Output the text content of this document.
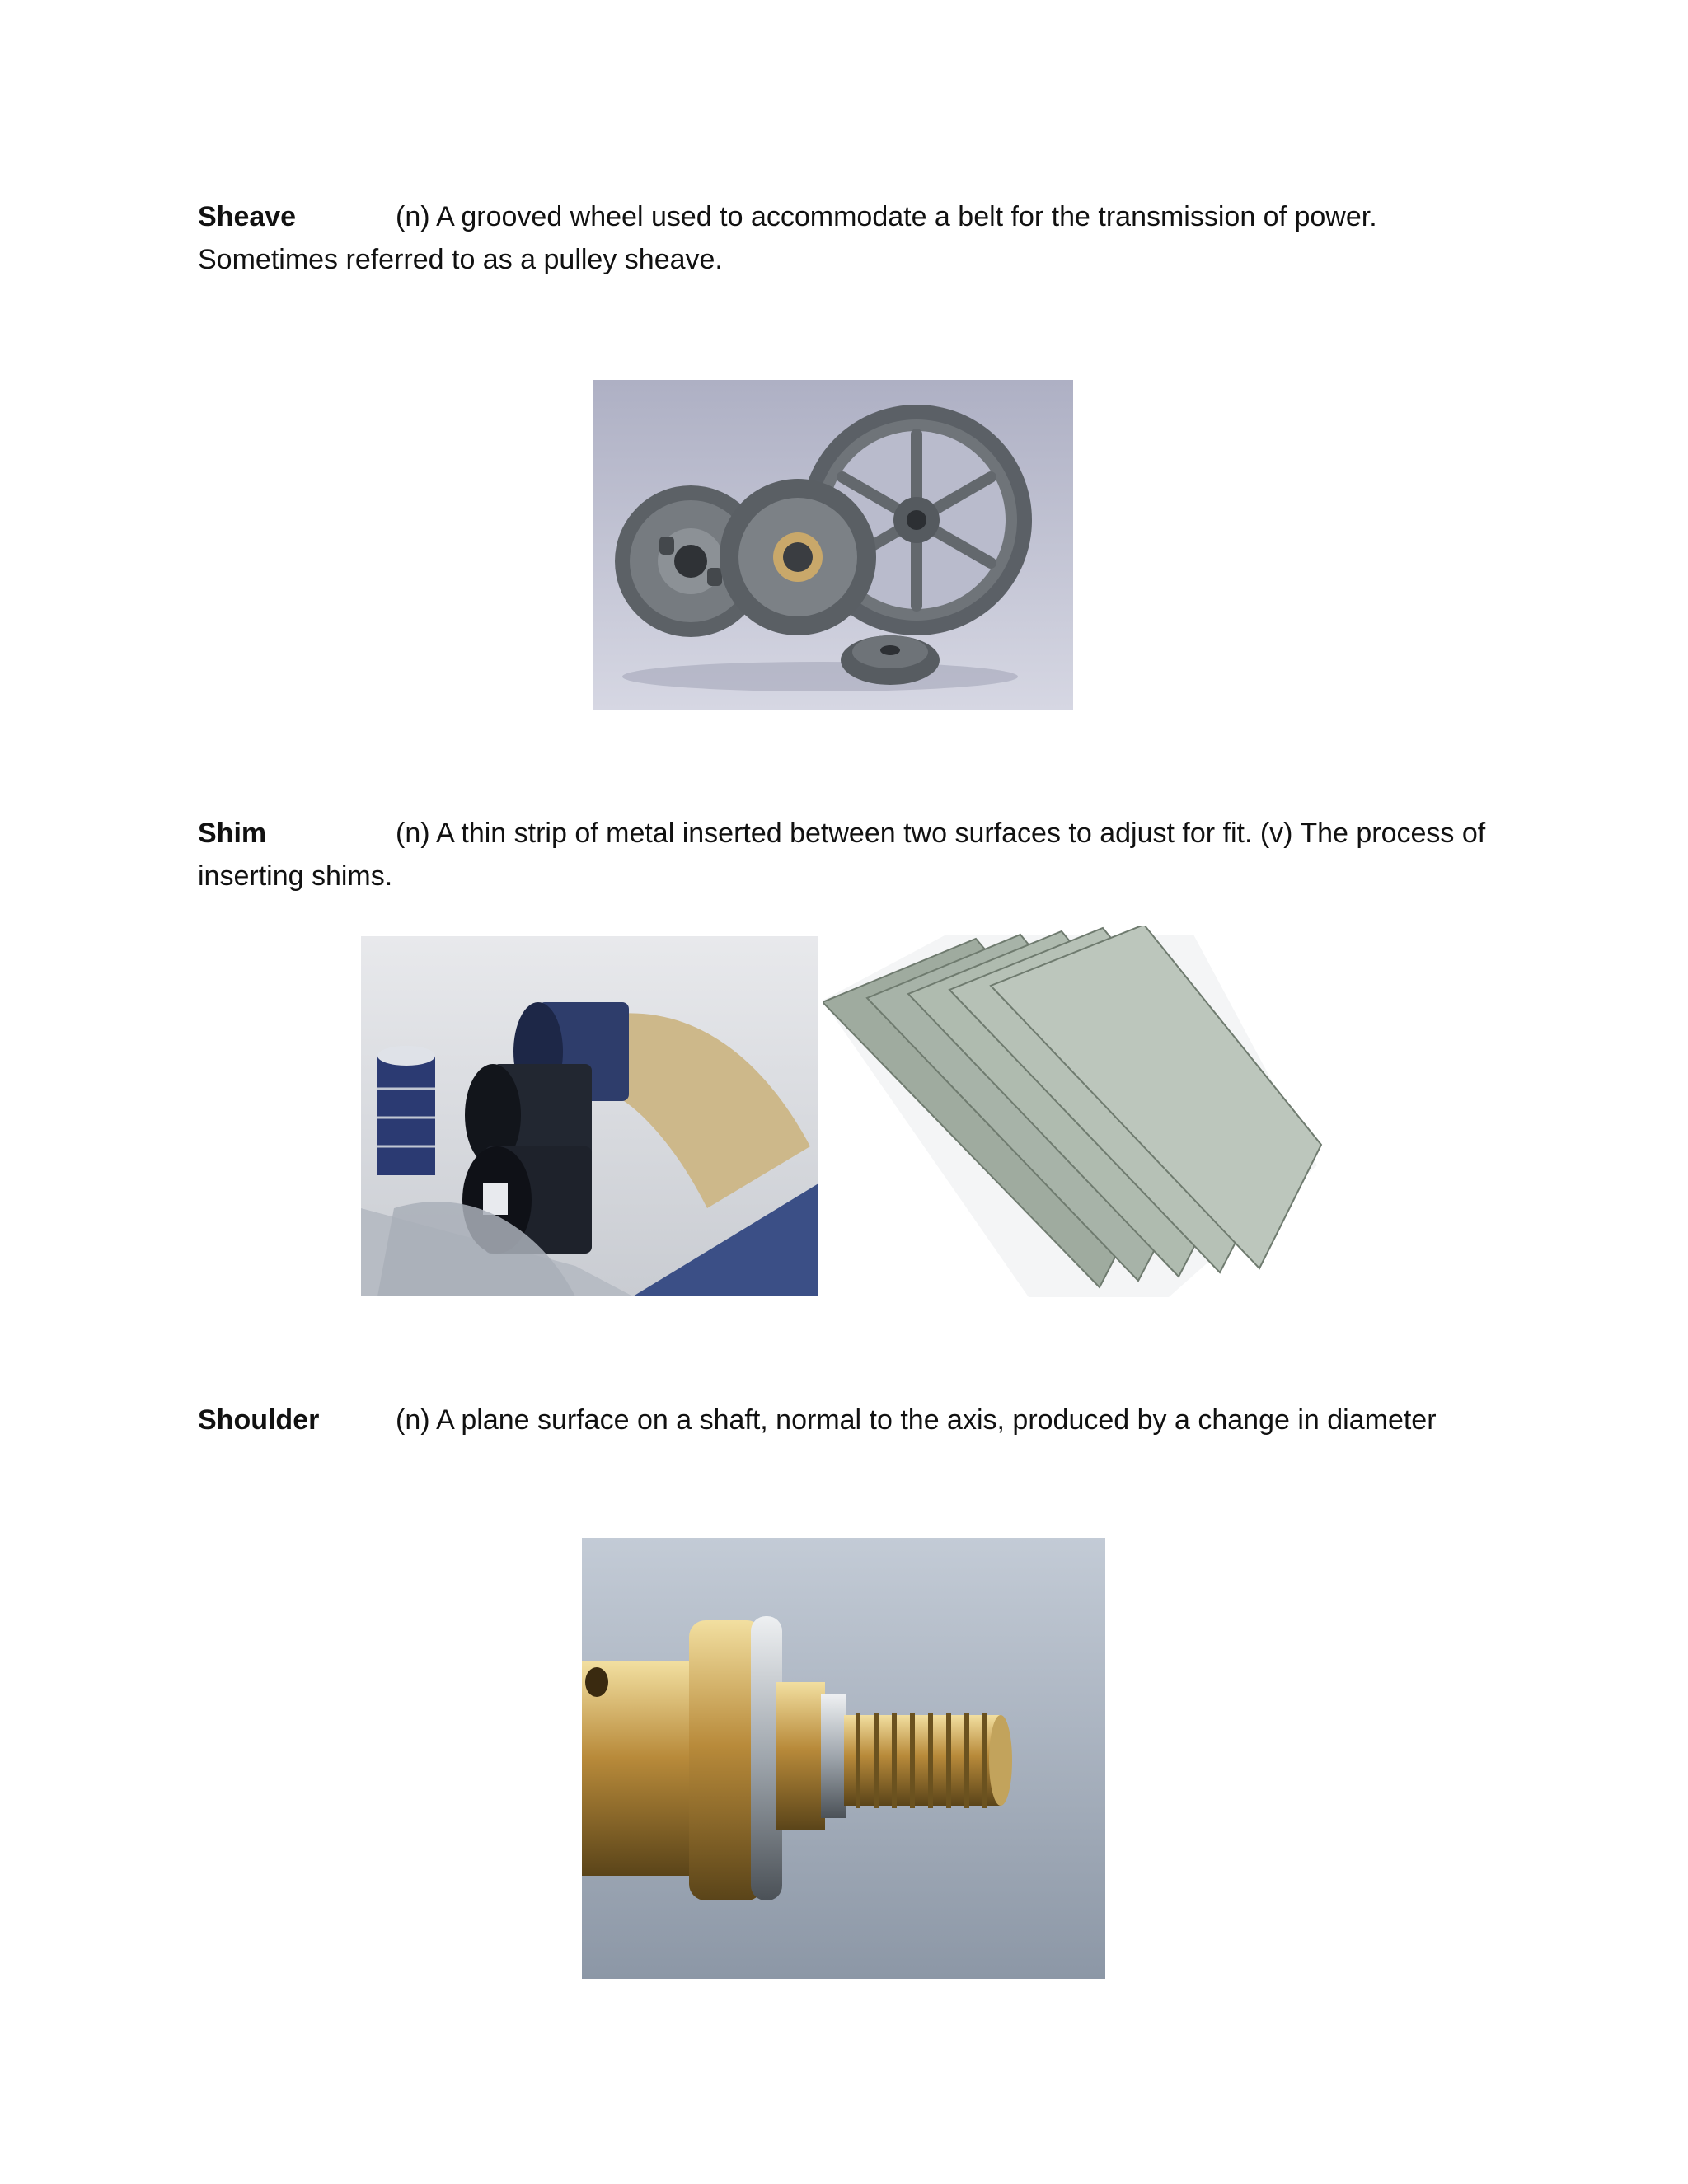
Sheave	(n) A grooved wheel used to accommodate a belt for the transmission of power. Sometimes referred to as a pulley sheave.
Shim	(n) A thin strip of metal inserted between two surfaces to adjust for fit. (v) The process of inserting shims.
Shoulder	(n) A plane surface on a shaft, normal to the axis, produced by a change in diameter
